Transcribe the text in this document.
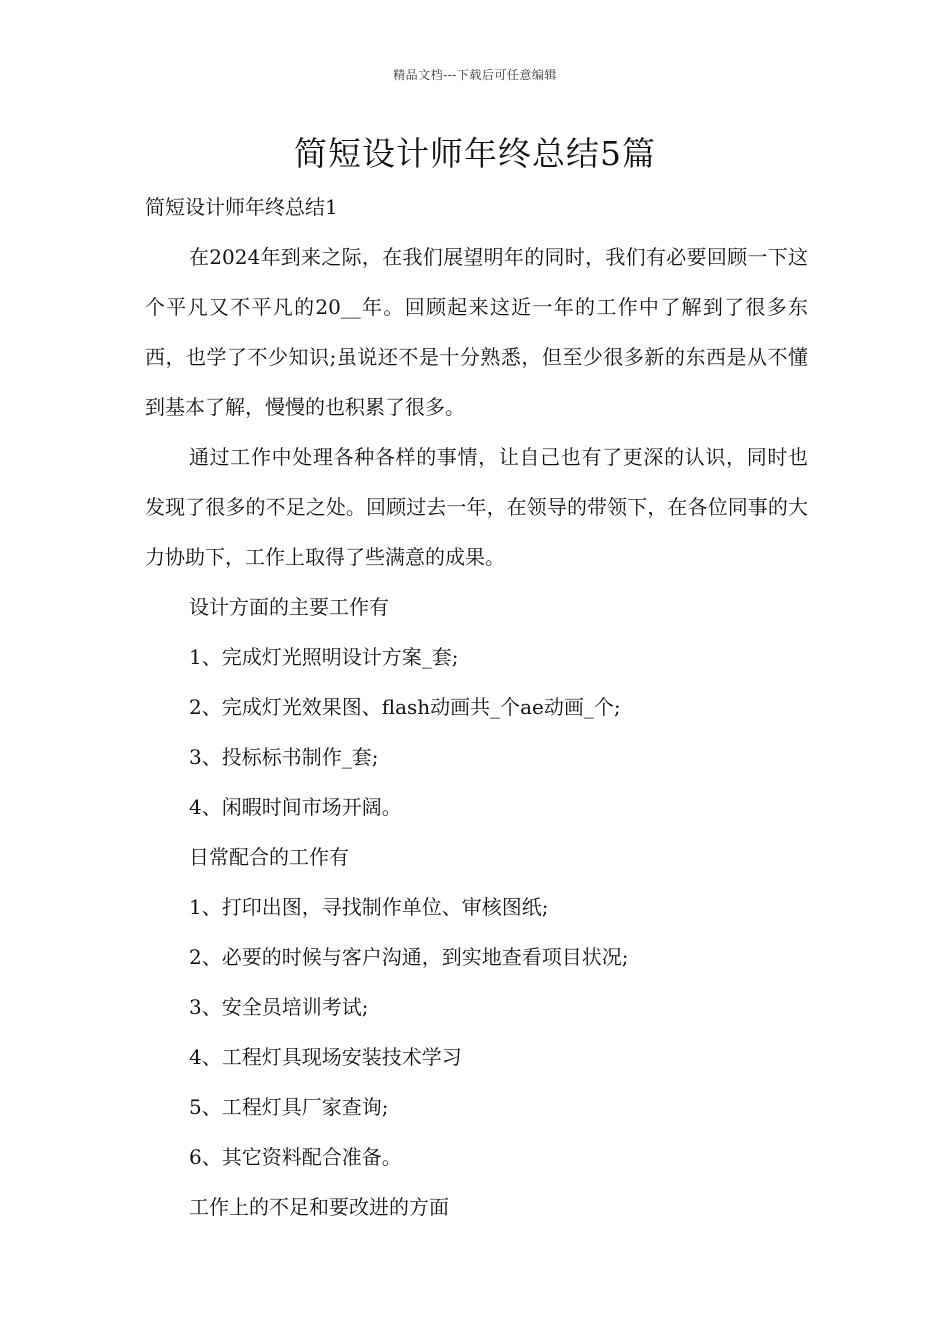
精品文档---下载后可任意编辑
简短设计师年终总结5篇

简短设计师年终总结1

在2024年到来之际，在我们展望明年的同时，我们有必要回顾一下这个平凡又不平凡的20__年。回顾起来这近一年的工作中了解到了很多东西，也学了不少知识;虽说还不是十分熟悉，但至少很多新的东西是从不懂到基本了解，慢慢的也积累了很多。

通过工作中处理各种各样的事情，让自己也有了更深的认识，同时也发现了很多的不足之处。回顾过去一年，在领导的带领下，在各位同事的大力协助下，工作上取得了些满意的成果。

设计方面的主要工作有

1、完成灯光照明设计方案_套;

2、完成灯光效果图、flash动画共_个ae动画_个;

3、投标标书制作_套;

4、闲暇时间市场开阔。

日常配合的工作有

1、打印出图，寻找制作单位、审核图纸;

2、必要的时候与客户沟通，到实地查看项目状况;

3、安全员培训考试;

4、工程灯具现场安装技术学习

5、工程灯具厂家查询;

6、其它资料配合准备。

工作上的不足和要改进的方面
